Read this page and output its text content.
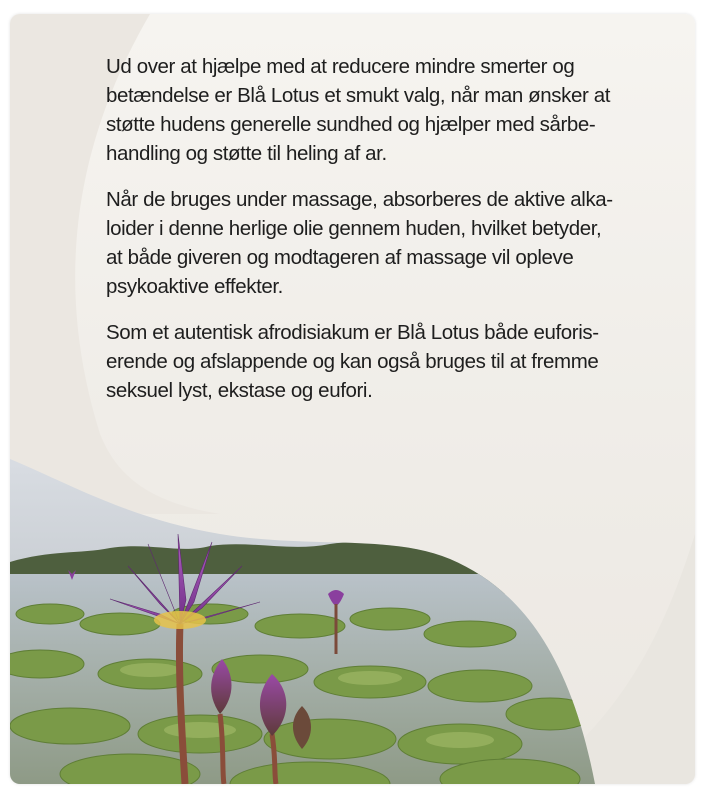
Ud over at hjælpe med at reducere mindre smerter og
betændelse er Blå Lotus et smukt valg, når man ønsker at
støtte hudens generelle sundhed og hjælper med sårbe-
handling og støtte til heling af ar.

Når de bruges under massage, absorberes de aktive alka-
loider i denne herlige olie gennem huden, hvilket betyder,
at både giveren og modtageren af massage vil opleve
psykoaktive effekter.

Som et autentisk afrodisiakum er Blå Lotus både euforis-
erende og afslappende og kan også bruges til at fremme
seksuel lyst, ekstase og eufori.
